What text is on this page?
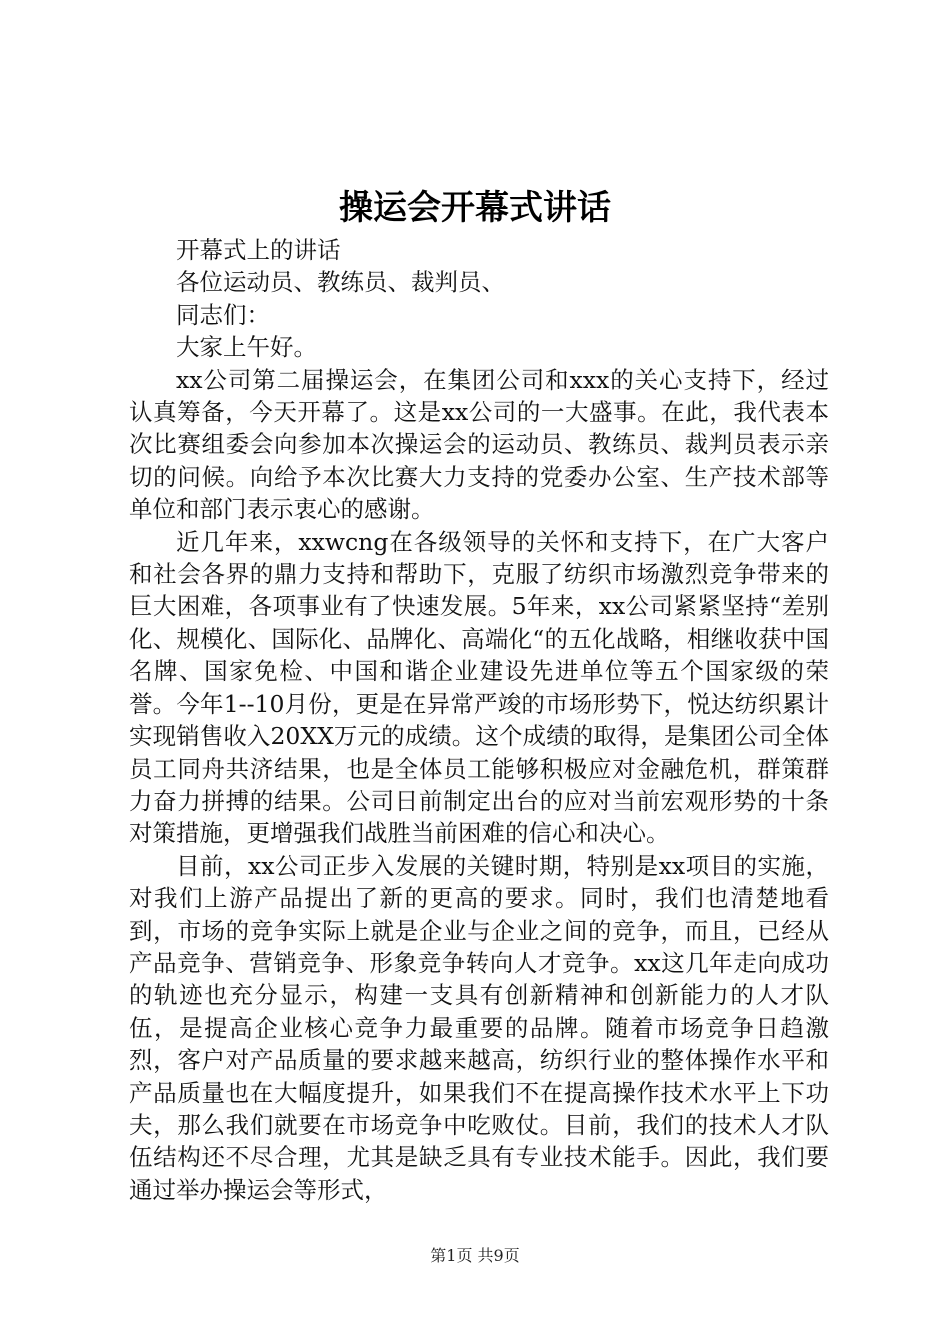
操运会开幕式讲话

开幕式上的讲话

各位运动员、教练员、裁判员、

同志们：

大家上午好。

xx公司第二届操运会，在集团公司和xxx的关心支持下，经过认真筹备，今天开幕了。这是xx公司的一大盛事。在此，我代表本次比赛组委会向参加本次操运会的运动员、教练员、裁判员表示亲切的问候。向给予本次比赛大力支持的党委办公室、生产技术部等单位和部门表示衷心的感谢。

近几年来，xxwcng在各级领导的关怀和支持下，在广大客户和社会各界的鼎力支持和帮助下，克服了纺织市场激烈竞争带来的巨大困难，各项事业有了快速发展。5年来，xx公司紧紧坚持“差别化、规模化、国际化、品牌化、高端化“的五化战略，相继收获中国名牌、国家免检、中国和谐企业建设先进单位等五个国家级的荣誉。今年1--10月份，更是在异常严竣的市场形势下，悦达纺织累计实现销售收入20XX万元的成绩。这个成绩的取得，是集团公司全体员工同舟共济结果，也是全体员工能够积极应对金融危机，群策群力奋力拼搏的结果。公司日前制定出台的应对当前宏观形势的十条对策措施，更增强我们战胜当前困难的信心和决心。

目前，xx公司正步入发展的关键时期，特别是xx项目的实施，对我们上游产品提出了新的更高的要求。同时，我们也清楚地看到，市场的竞争实际上就是企业与企业之间的竞争，而且，已经从产品竞争、营销竞争、形象竞争转向人才竞争。xx这几年走向成功的轨迹也充分显示，构建一支具有创新精神和创新能力的人才队伍，是提高企业核心竞争力最重要的品牌。随着市场竞争日趋激烈，客户对产品质量的要求越来越高，纺织行业的整体操作水平和产品质量也在大幅度提升，如果我们不在提高操作技术水平上下功夫，那么我们就要在市场竞争中吃败仗。目前，我们的技术人才队伍结构还不尽合理，尤其是缺乏具有专业技术能手。因此，我们要通过举办操运会等形式，

第1页 共9页
